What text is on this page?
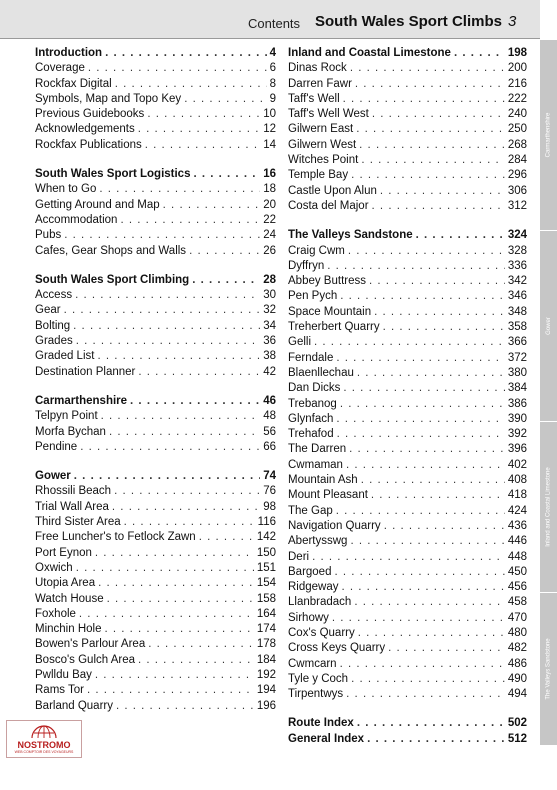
Contents South Wales Sport Climbs 3
Introduction . . .	4
Coverage . . .	6
Rockfax Digital . . .	8
Symbols, Map and Topo Key . . .	9
Previous Guidebooks . . .	10
Acknowledgements . . .	12
Rockfax Publications . . .	14
South Wales Sport Logistics . . .	16
When to Go . . .	18
Getting Around and Map . . .	20
Accommodation . . .	22
Pubs . . .	24
Cafes, Gear Shops and Walls . . .	26
South Wales Sport Climbing . . .	28
Access . . .	30
Gear . . .	32
Bolting . . .	34
Grades . . .	36
Graded List . . .	38
Destination Planner . . .	42
Carmarthenshire . . .	46
Telpyn Point . . .	48
Morfa Bychan . . .	56
Pendine . . .	66
Gower . . .	74
Rhossili Beach . . .	76
Trial Wall Area . . .	98
Third Sister Area . . .	116
Free Luncher's to Fetlock Zawn . . .	142
Port Eynon . . .	150
Oxwich . . .	151
Utopia Area . . .	154
Watch House . . .	158
Foxhole . . .	164
Minchin Hole . . .	174
Bowen's Parlour Area . . .	178
Bosco's Gulch Area . . .	184
Pwlldu Bay . . .	192
Rams Tor . . .	194
Barland Quarry . . .	196
Inland and Coastal Limestone . . .	198
Dinas Rock . . .	200
Darren Fawr . . .	216
Taff's Well . . .	222
Taff's Well West . . .	240
Gilwern East . . .	250
Gilwern West . . .	268
Witches Point . . .	284
Temple Bay . . .	296
Castle Upon Alun . . .	306
Costa del Major . . .	312
The Valleys Sandstone . . .	324
Craig Cwm . . .	328
Dyffryn . . .	336
Abbey Buttress . . .	342
Pen Pych . . .	346
Space Mountain . . .	348
Treherbert Quarry . . .	358
Gelli . . .	366
Ferndale . . .	372
Blaenllechau . . .	380
Dan Dicks . . .	384
Trebanog . . .	386
Glynfach . . .	390
Trehafod . . .	392
The Darren . . .	396
Cwmaman . . .	402
Mountain Ash . . .	408
Mount Pleasant . . .	418
The Gap . . .	424
Navigation Quarry . . .	436
Abertysswg . . .	446
Deri . . .	448
Bargoed . . .	450
Ridgeway . . .	456
Llanbradach . . .	458
Sirhowy . . .	470
Cox's Quarry . . .	480
Cross Keys Quarry . . .	482
Cwmcarn . . .	486
Tyle y Coch . . .	490
Tirpentwys . . .	494
Route Index . . .	502
General Index . . .	512
Carmarthenshire
Gower
Inland and Coastal Limestone
The Valleys Sandstone
NOSTROMO
WEB COMPTOIR DES VOYAGEURS
